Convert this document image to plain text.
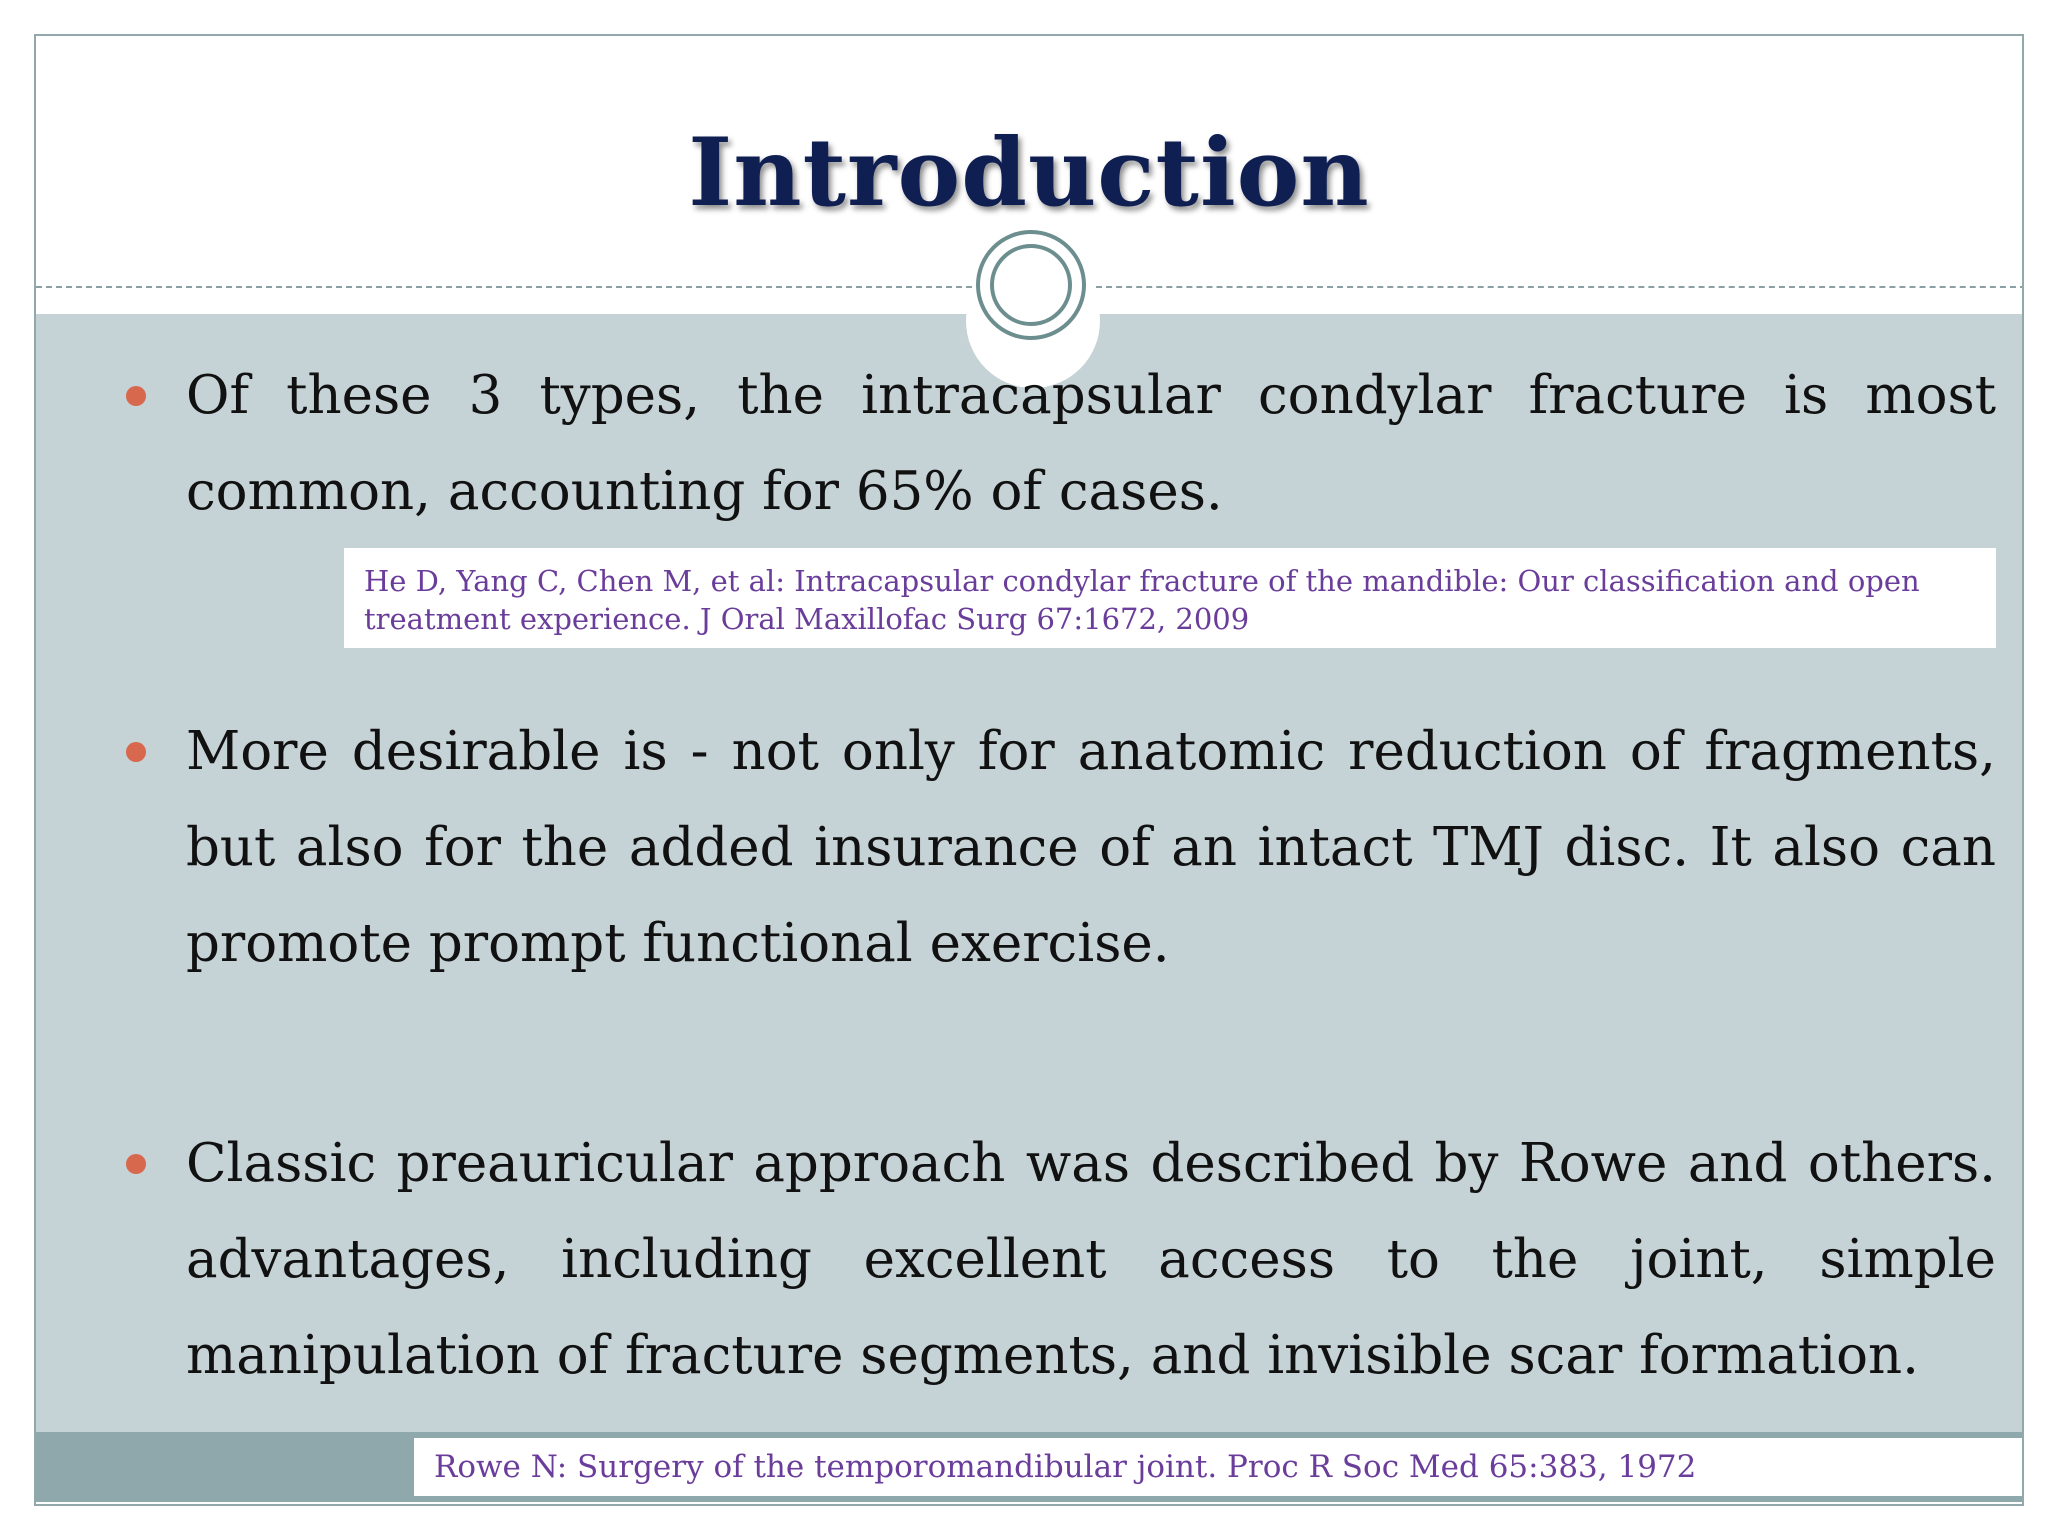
Introduction

Of these 3 types, the intracapsular condylar fracture is most common, accounting for 65% of cases.

He D, Yang C, Chen M, et al: Intracapsular condylar fracture of the mandible: Our classification and open treatment experience. J Oral Maxillofac Surg 67:1672, 2009

More desirable is - not only for anatomic reduction of fragments, but also for the added insurance of an intact TMJ disc. It also can promote prompt functional exercise.

Classic preauricular approach was described by Rowe and others. advantages, including excellent access to the joint, simple manipulation of fracture segments, and invisible scar formation.

Rowe N: Surgery of the temporomandibular joint. Proc R Soc Med 65:383, 1972
